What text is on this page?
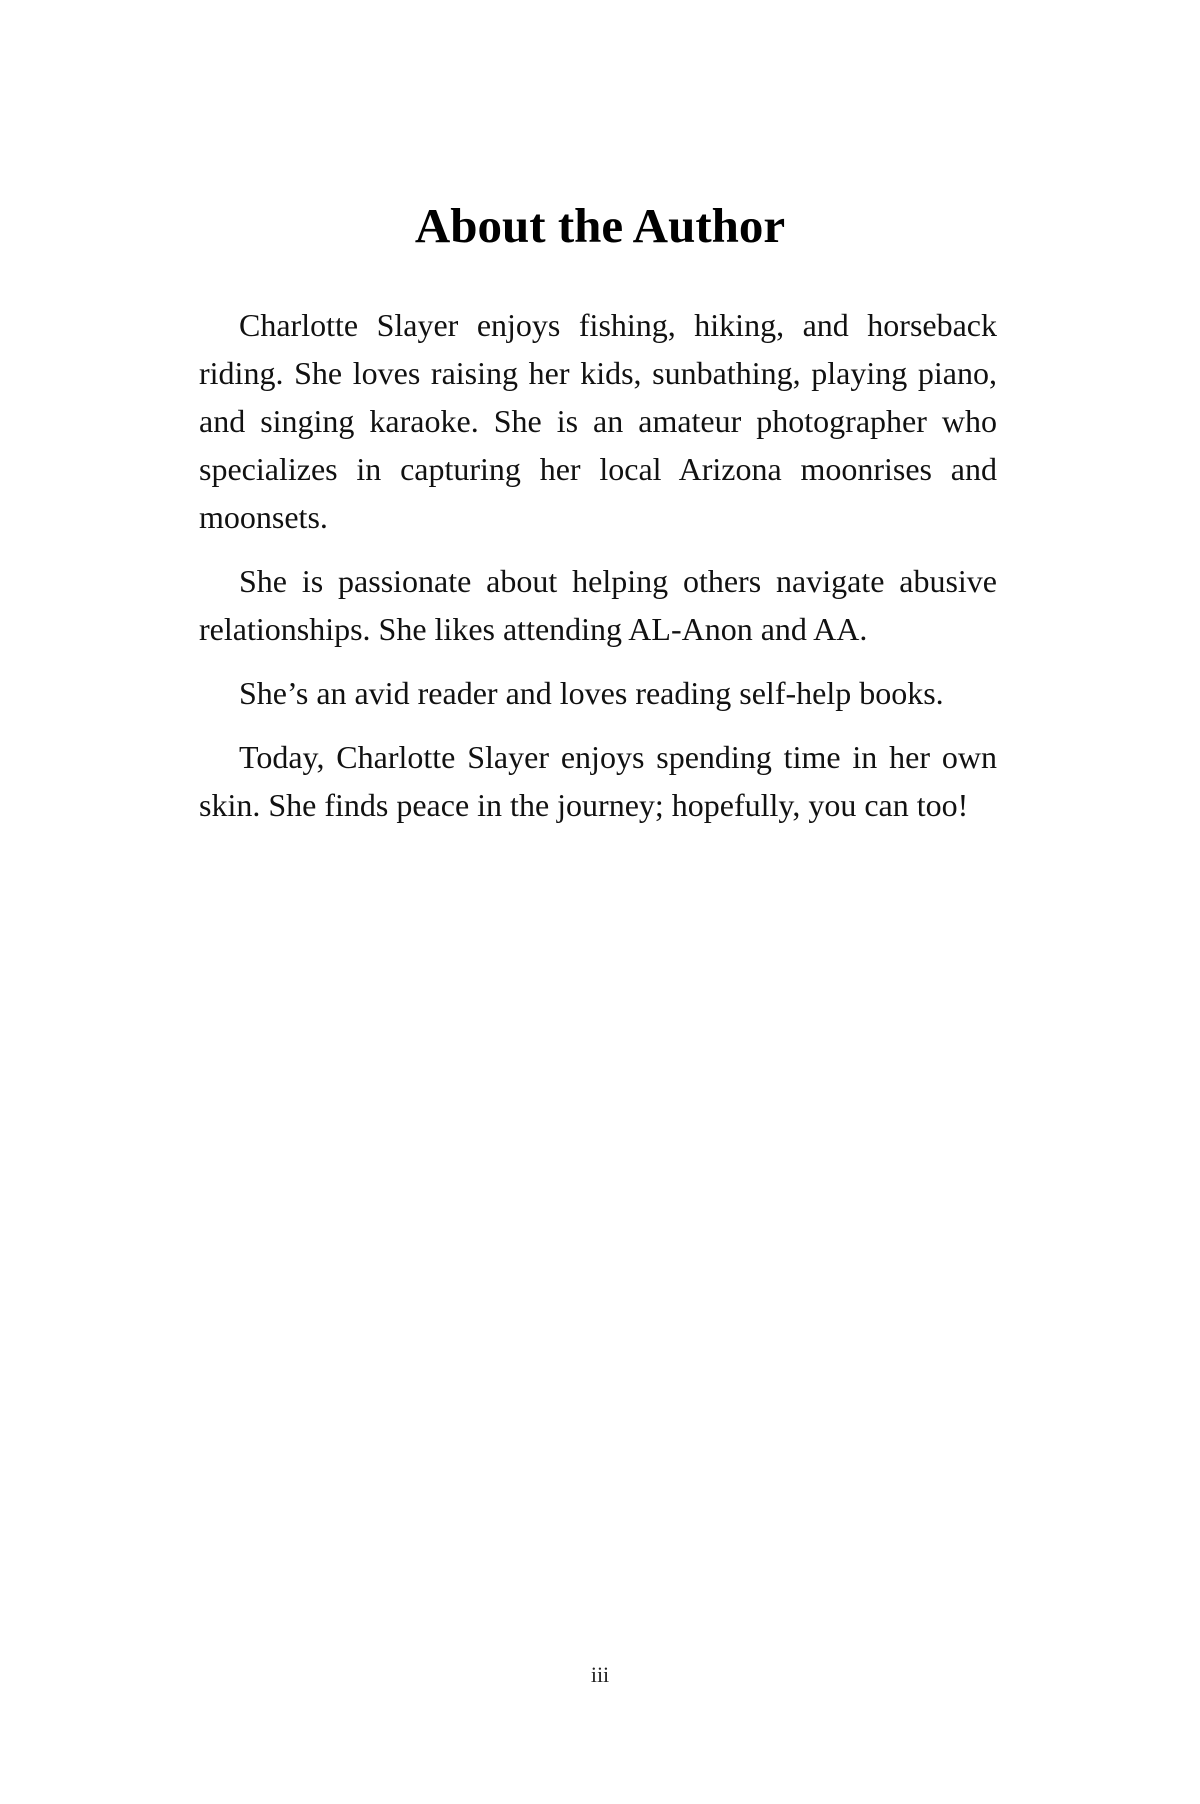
About the Author

Charlotte Slayer enjoys fishing, hiking, and horseback riding. She loves raising her kids, sunbathing, playing piano, and singing karaoke. She is an amateur photographer who specializes in capturing her local Arizona moonrises and moonsets.

She is passionate about helping others navigate abusive relationships. She likes attending AL-Anon and AA.

She’s an avid reader and loves reading self-help books.

Today, Charlotte Slayer enjoys spending time in her own skin. She finds peace in the journey; hopefully, you can too!

iii
